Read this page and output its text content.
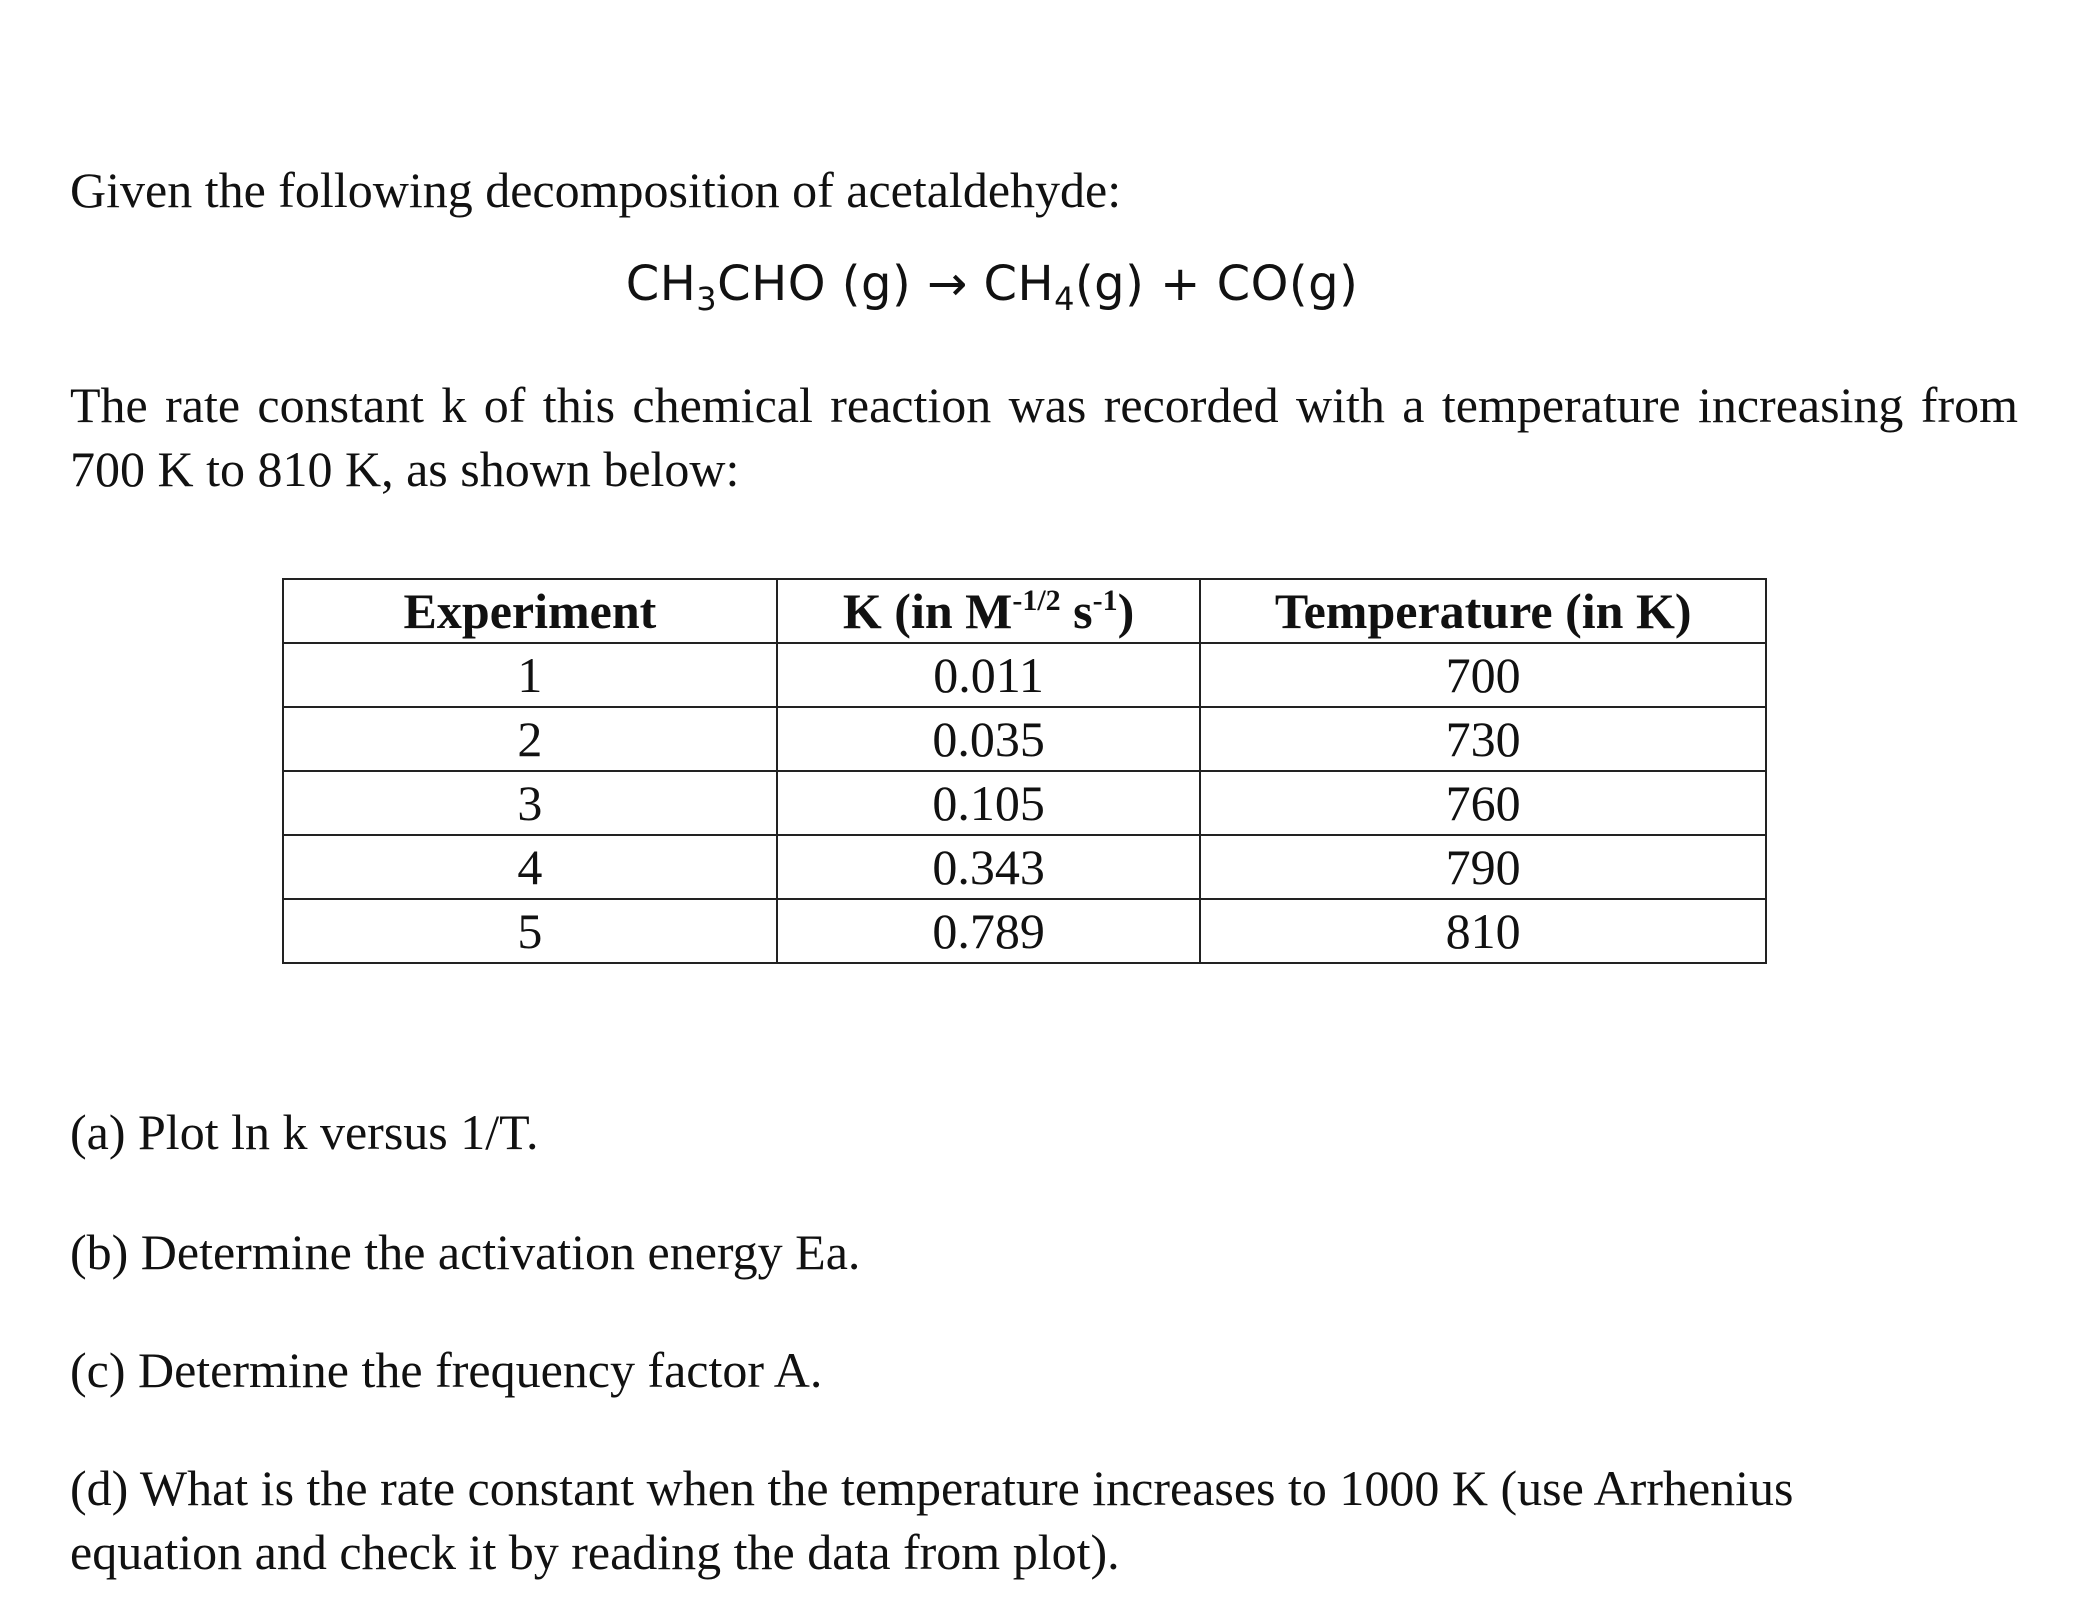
Given the following decomposition of acetaldehyde:

$CH_3CHO$ $(g) \to CH_4(g) + CO(g)$

The rate constant k of this chemical reaction was recorded with a temperature increasing from 700 K to 810 K, as shown below:

Experiment	K (in $M^{-1/2}$ $s^{-1}$)	Temperature (in K)
1	0.011	700
2	0.035	730
3	0.105	760
4	0.343	790
5	0.789	810

(a) Plot ln k versus 1/T.

(b) Determine the activation energy Ea.

(c) Determine the frequency factor A.

(d) What is the rate constant when the temperature increases to 1000 K (use Arrhenius equation and check it by reading the data from plot).
